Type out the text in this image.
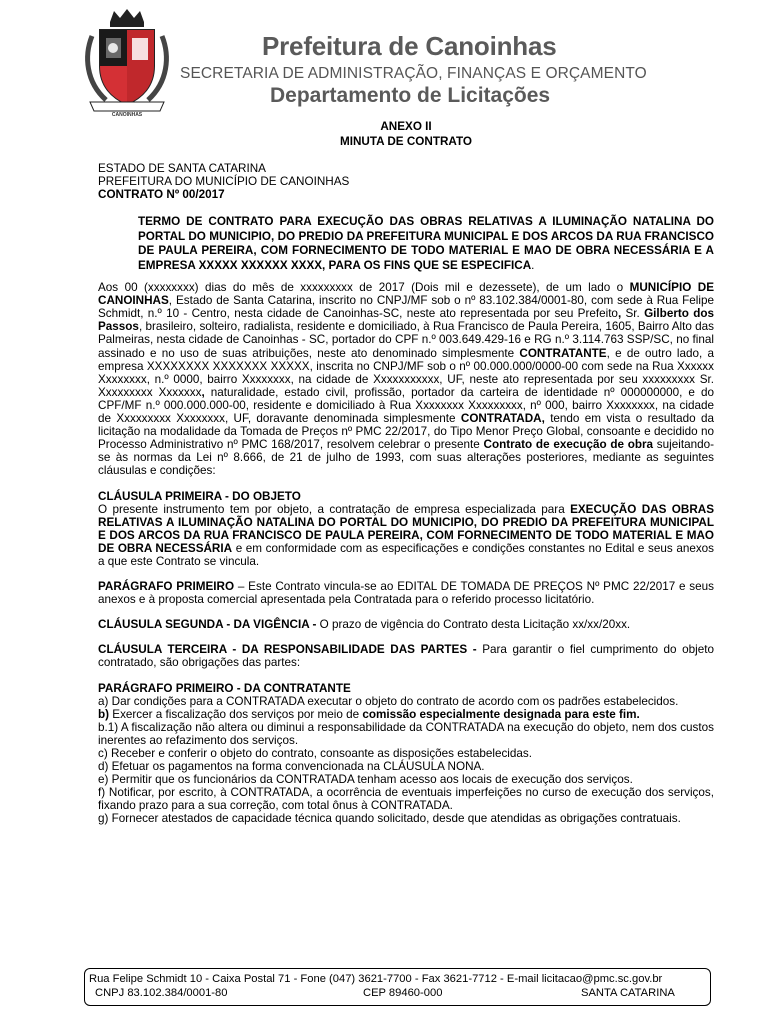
CANOINHAS
Prefeitura de Canoinhas
SECRETARIA DE ADMINISTRAÇÃO, FINANÇAS E ORÇAMENTO
Departamento de Licitações

ANEXO II

MINUTA DE CONTRATO

ESTADO DE SANTA CATARINA

PREFEITURA DO MUNICÍPIO DE CANOINHAS

CONTRATO Nº 00/2017

TERMO DE CONTRATO PARA EXECUÇÃO DAS OBRAS RELATIVAS A ILUMINAÇÃO NATALINA DO PORTAL DO MUNICIPIO, DO PREDIO DA PREFEITURA MUNICIPAL E DOS ARCOS DA RUA FRANCISCO DE PAULA PEREIRA, COM FORNECIMENTO DE TODO MATERIAL E MAO DE OBRA NECESSÁRIA E A EMPRESA XXXXX XXXXXX XXXX, PARA OS FINS QUE SE ESPECIFICA.

Aos 00 (xxxxxxxx) dias do mês de xxxxxxxxx de 2017 (Dois mil e dezessete), de um lado o MUNICÍPIO DE CANOINHAS, Estado de Santa Catarina, inscrito no CNPJ/MF sob o nº 83.102.384/0001-80, com sede à Rua Felipe Schmidt, n.º 10 - Centro, nesta cidade de Canoinhas-SC, neste ato representada por seu Prefeito, Sr. Gilberto dos Passos, brasileiro, solteiro, radialista, residente e domiciliado, à Rua Francisco de Paula Pereira, 1605, Bairro Alto das Palmeiras, nesta cidade de Canoinhas - SC, portador do CPF n.º 003.649.429-16 e RG n.º 3.114.763 SSP/SC, no final assinado e no uso de suas atribuições, neste ato denominado simplesmente CONTRATANTE, e de outro lado, a empresa XXXXXXXX XXXXXXX XXXXX, inscrita no CNPJ/MF sob o nº 00.000.000/0000-00 com sede na Rua Xxxxxx Xxxxxxxx, n.º 0000, bairro Xxxxxxxx, na cidade de Xxxxxxxxxxx, UF, neste ato representada por seu xxxxxxxxx Sr. Xxxxxxxxx Xxxxxxx, naturalidade, estado civil, profissão, portador da carteira de identidade nº 000000000, e do CPF/MF n.º 000.000.000-00, residente e domiciliado à Rua Xxxxxxxx Xxxxxxxxx, nº 000, bairro Xxxxxxxx, na cidade de Xxxxxxxxx Xxxxxxxx, UF, doravante denominada simplesmente CONTRATADA, tendo em vista o resultado da licitação na modalidade da Tomada de Preços nº PMC 22/2017, do Tipo Menor Preço Global, consoante e decidido no Processo Administrativo nº PMC 168/2017, resolvem celebrar o presente Contrato de execução de obra sujeitando-se às normas da Lei nº 8.666, de 21 de julho de 1993, com suas alterações posteriores, mediante as seguintes cláusulas e condições:

CLÁUSULA PRIMEIRA - DO OBJETO

O presente instrumento tem por objeto, a contratação de empresa especializada para EXECUÇÃO DAS OBRAS RELATIVAS A ILUMINAÇÃO NATALINA DO PORTAL DO MUNICIPIO, DO PREDIO DA PREFEITURA MUNICIPAL E DOS ARCOS DA RUA FRANCISCO DE PAULA PEREIRA, COM FORNECIMENTO DE TODO MATERIAL E MAO DE OBRA NECESSÁRIA e em conformidade com as especificações e condições constantes no Edital e seus anexos a que este Contrato se vincula.

PARÁGRAFO PRIMEIRO – Este Contrato vincula-se ao EDITAL DE TOMADA DE PREÇOS Nº PMC 22/2017 e seus anexos e à proposta comercial apresentada pela Contratada para o referido processo licitatório.

CLÁUSULA SEGUNDA - DA VIGÊNCIA - O prazo de vigência do Contrato desta Licitação xx/xx/20xx.

CLÁUSULA TERCEIRA - DA RESPONSABILIDADE DAS PARTES - Para garantir o fiel cumprimento do objeto contratado, são obrigações das partes:

PARÁGRAFO PRIMEIRO - DA CONTRATANTE

a) Dar condições para a CONTRATADA executar o objeto do contrato de acordo com os padrões estabelecidos.

b) Exercer a fiscalização dos serviços por meio de comissão especialmente designada para este fim.

b.1) A fiscalização não altera ou diminui a responsabilidade da CONTRATADA na execução do objeto, nem dos custos inerentes ao refazimento dos serviços.

c) Receber e conferir o objeto do contrato, consoante as disposições estabelecidas.

d) Efetuar os pagamentos na forma convencionada na CLÁUSULA NONA.

e) Permitir que os funcionários da CONTRATADA tenham acesso aos locais de execução dos serviços.

f) Notificar, por escrito, à CONTRATADA, a ocorrência de eventuais imperfeições no curso de execução dos serviços, fixando prazo para a sua correção, com total ônus à CONTRATADA.

g) Fornecer atestados de capacidade técnica quando solicitado, desde que atendidas as obrigações contratuais.

Rua Felipe Schmidt 10 - Caixa Postal 71 - Fone (047) 3621-7700 - Fax 3621-7712 - E-mail licitacao@pmc.sc.gov.br
CNPJ 83.102.384/0001-80	CEP 89460-000	SANTA CATARINA
